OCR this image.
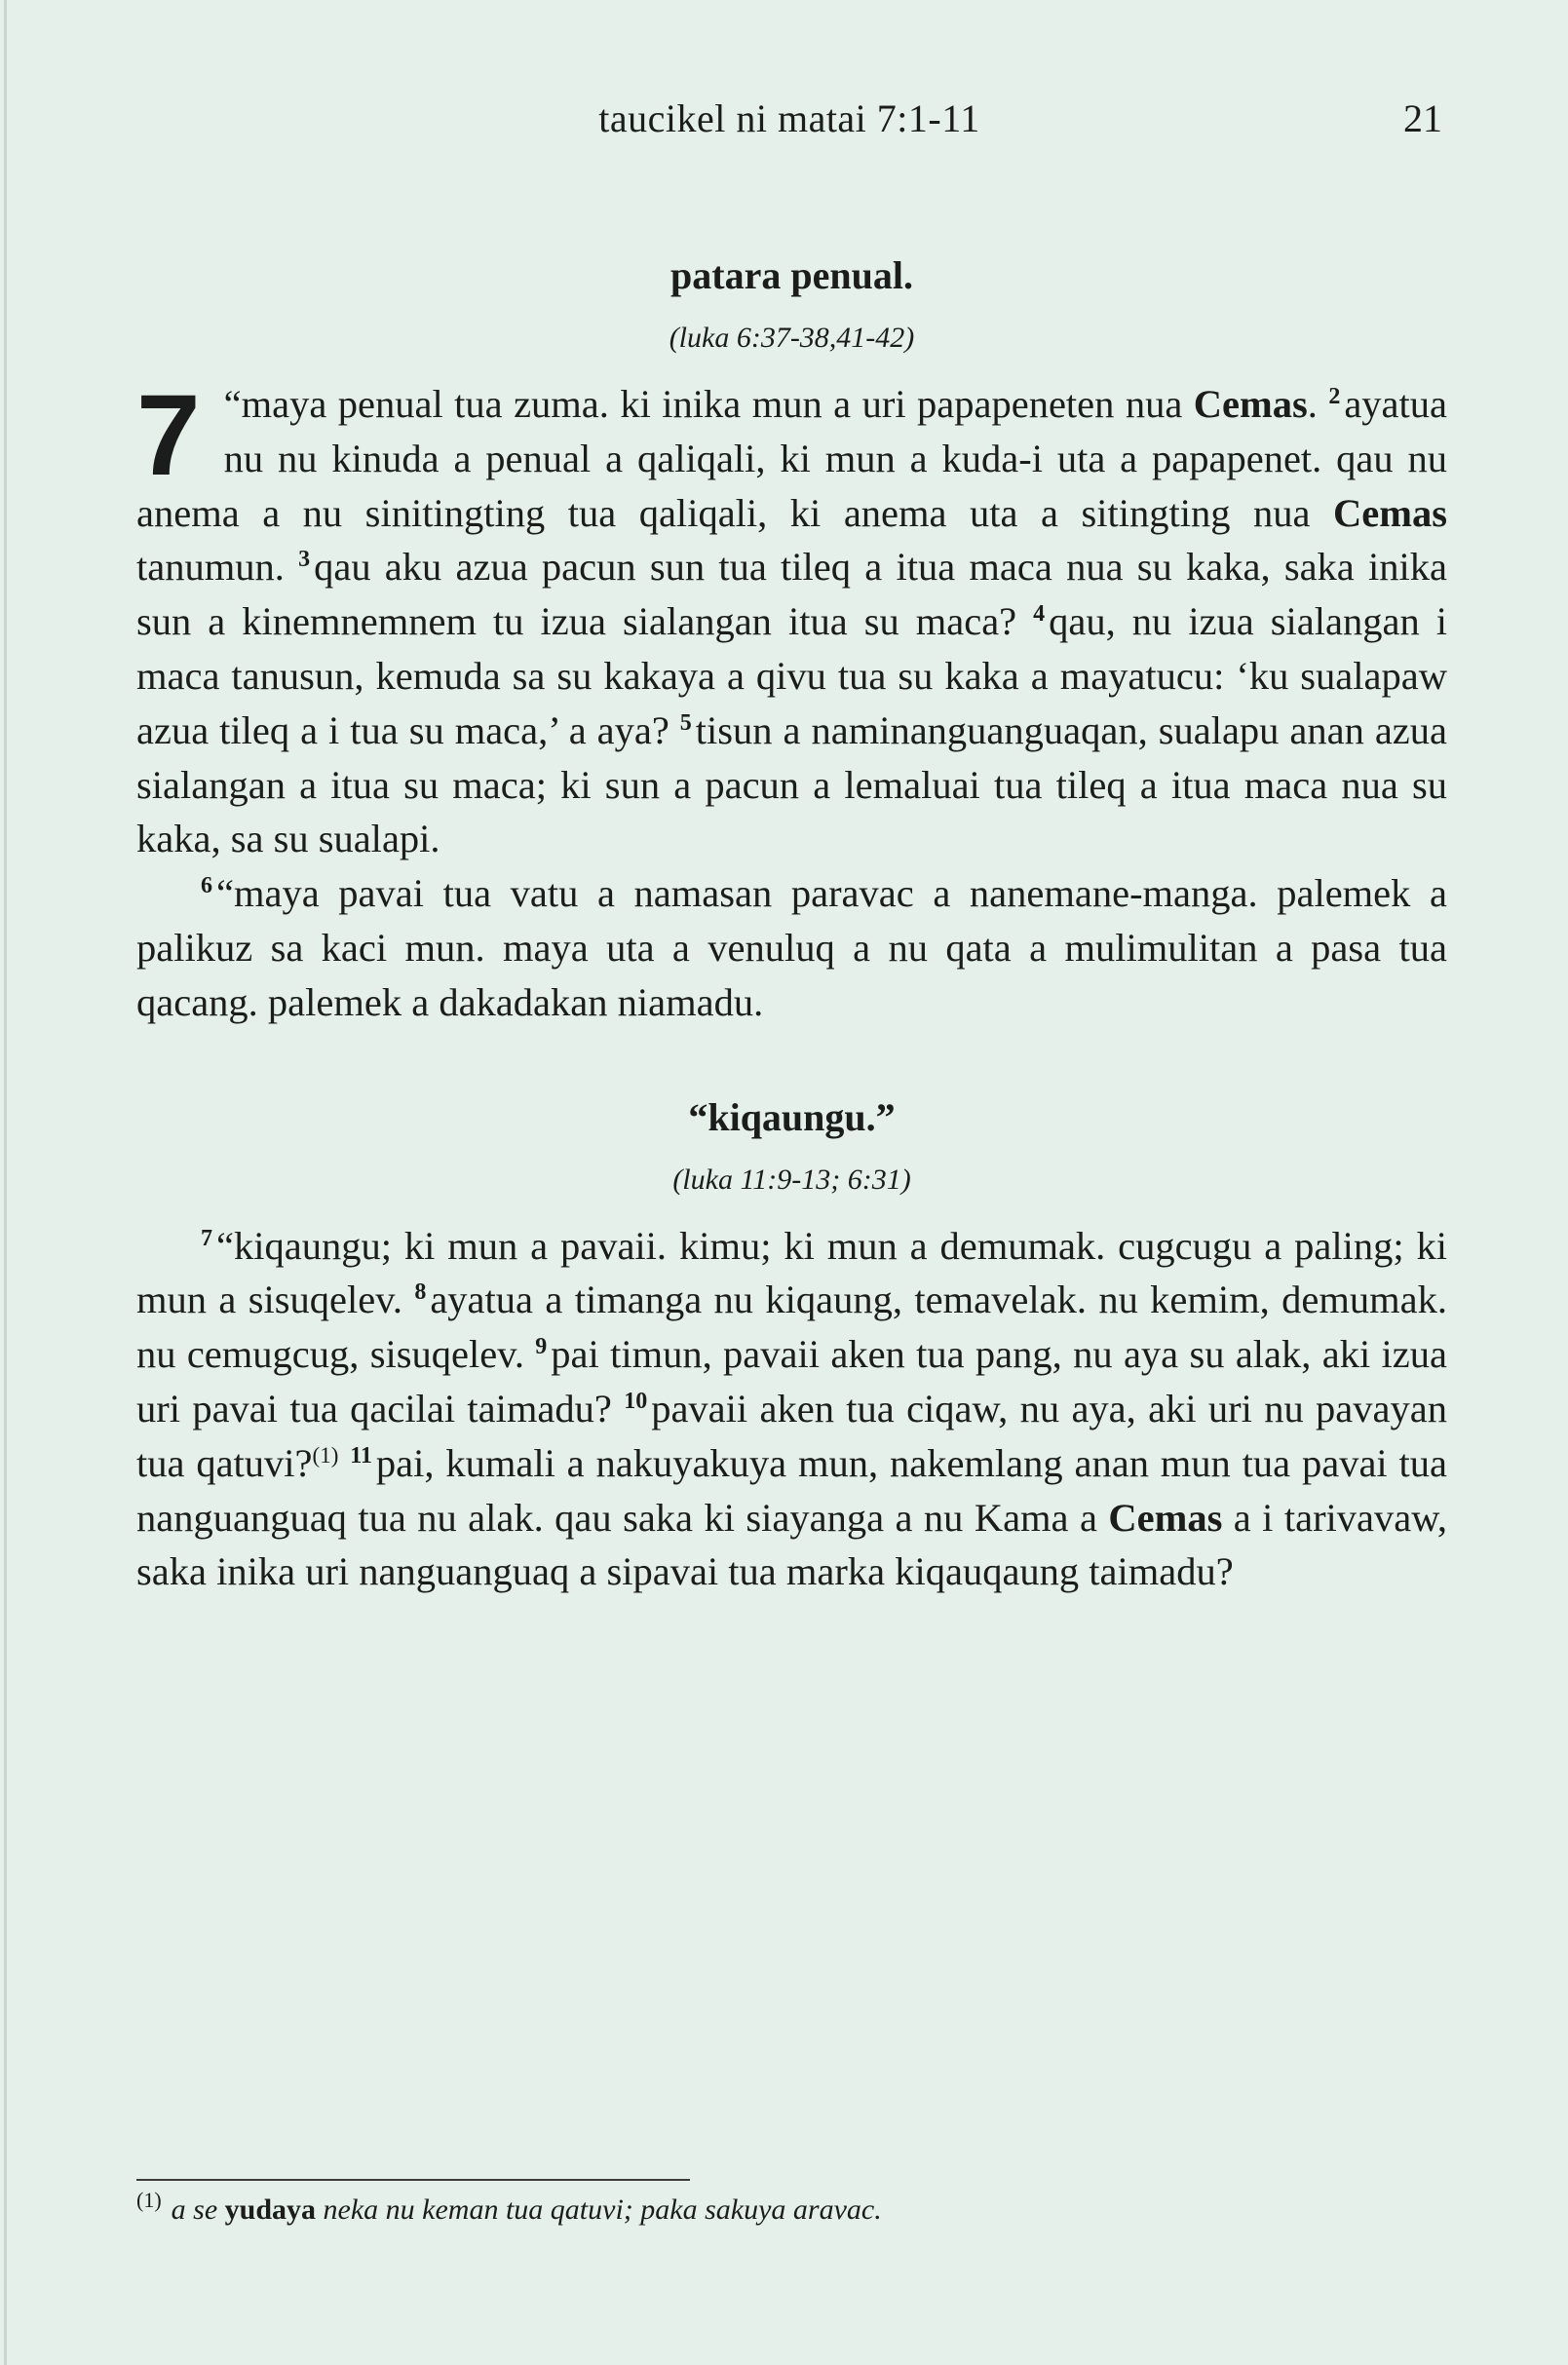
taucikel ni matai 7:1-11	21
patara penual.
(luka 6:37-38,41-42)

7 “maya penual tua zuma. ki inika mun a uri papapeneten nua Cemas. $^2$ayatua nu nu kinuda a penual a qaliqali, ki mun a kuda-i uta a papapenet. qau nu anema a nu sinitingting tua qaliqali, ki anema uta a sitingting nua Cemas tanumun. $^3$qau aku azua pacun sun tua tileq a itua maca nua su kaka, saka inika sun a kinemnemnem tu izua sialangan itua su maca? $^4$qau, nu izua sialangan i maca tanusun, kemuda sa su kakaya a qivu tua su kaka a mayatucu: ‘ku sualapaw azua tileq a i tua su maca,’ a aya? $^5$tisun a naminanguanguaqan, sualapu anan azua sialangan a itua su maca; ki sun a pacun a lemaluai tua tileq a itua maca nua su kaka, sa su sualapi.

$^6$“maya pavai tua vatu a namasan paravac a nanemane-manga. palemek a palikuz sa kaci mun. maya uta a venuluq a nu qata a mulimulitan a pasa tua qacang. palemek a dakadakan niamadu.

“kiqaungu.”
(luka 11:9-13; 6:31)

$^7$“kiqaungu; ki mun a pavaii. kimu; ki mun a demumak. cugcugu a paling; ki mun a sisuqelev. $^8$ayatua a timanga nu kiqaung, temavelak. nu kemim, demumak. nu cemugcug, sisuqelev. $^9$pai timun, pavaii aken tua pang, nu aya su alak, aki izua uri pavai tua qacilai taimadu? $^{10}$pavaii aken tua ciqaw, nu aya, aki uri nu pavayan tua qatuvi?$^{(1)}$ $^{11}$pai, kumali a nakuyakuya mun, nakemlang anan mun tua pavai tua nanguanguaq tua nu alak. qau saka ki siayanga a nu Kama a Cemas a i tarivavaw, saka inika uri nanguanguaq a sipavai tua marka kiqauqaung taimadu?

$^{(1)}$ a se yudaya neka nu keman tua qatuvi; paka sakuya aravac.
